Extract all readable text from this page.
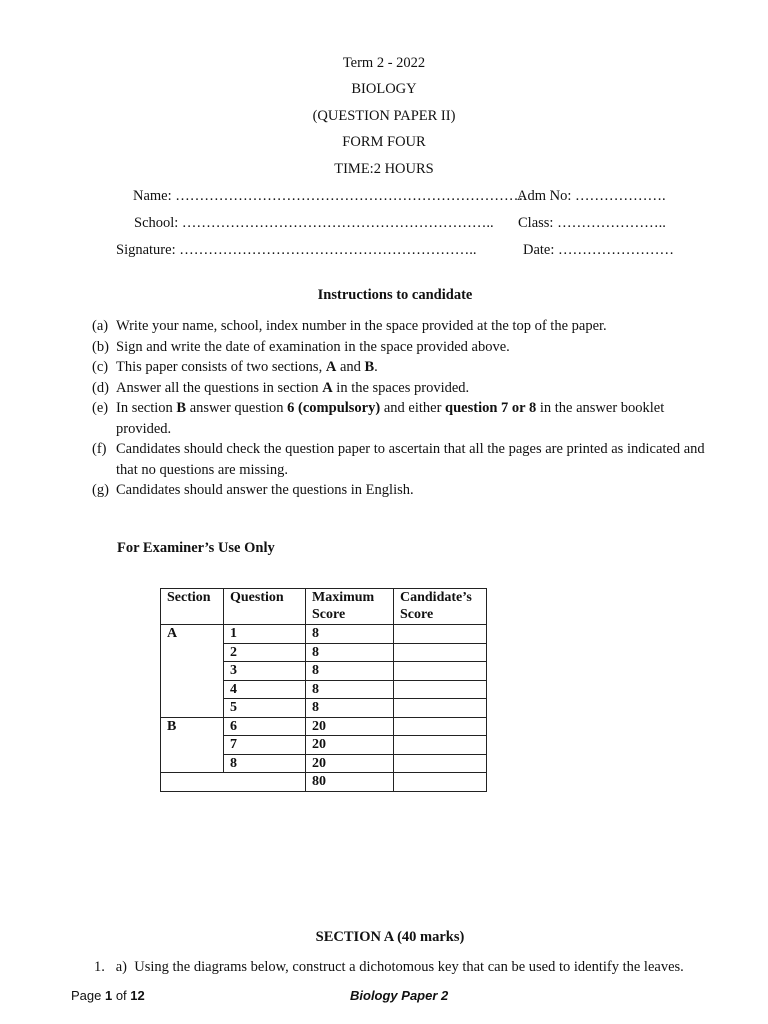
Term 2 - 2022
BIOLOGY
(QUESTION PAPER II)
FORM FOUR
TIME:2 HOURS
Name: ………………………………………………………………
Adm No: ……………….
School: ……………………………………………………….. Class: …………………..
Signature: ……………………………………………………..	Date: ……………………
Instructions to candidate
(a) Write your name, school, index number in the space provided at the top of the paper.
(b) Sign and write the date of examination in the space provided above.
(c) This paper consists of two sections, A and B.
(d) Answer all the questions in section A in the spaces provided.
(e) In section B answer question 6 (compulsory) and either question 7 or 8 in the answer booklet provided.
(f) Candidates should check the question paper to ascertain that all the pages are printed as indicated and that no questions are missing.
(g) Candidates should answer the questions in English.
For Examiner’s Use Only
Section	Question	Maximum Score	Candidate’s Score
A	1	8	
	2	8	
	3	8	
	4	8	
	5	8	
B	6	20	
	7	20	
	8	20	
		80	
SECTION A (40 marks)
1.   a)  Using the diagrams below, construct a dichotomous key that can be used to identify the leaves.
Page 1 of 12	Biology Paper 2
